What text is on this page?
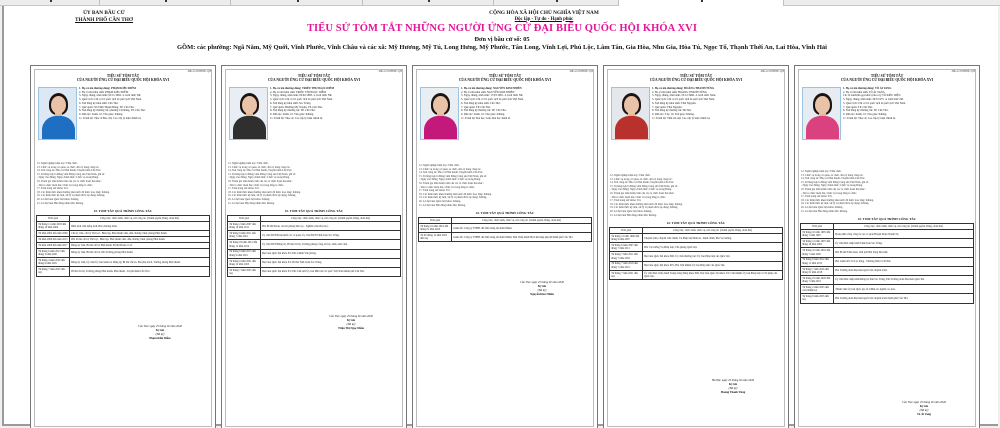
ỦY BAN BẦU CỬ
THÀNH PHỐ CẦN THƠ
CỘNG HÒA XÃ HỘI CHỦ NGHĨA VIỆT NAM
Độc lập - Tự do - Hạnh phúc
TIỂU SỬ TÓM TẮT NHỮNG NGƯỜI ỨNG CỬ ĐẠI BIỂU QUỐC HỘI KHÓA XVI
Đơn vị bầu cử số: 05
GỒM: các phường: Ngã Năm, Mỹ Quới, Vĩnh Phước, Vĩnh Châu và các xã: Mỹ Hương, Mỹ Tú, Long Hưng, Mỹ Phước, Tân Long, Vĩnh Lợi, Phú Lộc, Lâm Tân, Gia Hòa, Nhu Gia, Hòa Tú, Ngọc Tố, Thạnh Thới An, Lai Hòa, Vĩnh Hải
Mẫu số 03/HĐBC-QH
TIỂU SỬ TÓM TẮT
CỦA NGƯỜI ỨNG CỬ ĐẠI BIỂU QUỐC HỘI KHÓA XVI
1. Họ và tên thường dùng: PHẠM KIỀU DIỄM
2. Họ và tên khai sinh: PHẠM KIỀU DIỄM
3. Ngày, tháng, năm sinh: 02/11/1982. 4. Giới tính: Nữ.
5. Quốc tịch: Chỉ có 01 quốc tịch là quốc tịch Việt Nam
6. Nơi đăng ký khai sinh: Cần Thơ.
7. Quê quán: Xã Vĩnh Thuận Đông, TP. Cần Thơ.
8. Nơi đăng ký thường trú: phường Cái Răng, TP. Cần Thơ.
9. Dân tộc: Kinh. 10. Tôn giáo: Không.
11. Trình độ: Thạc sĩ Báo chí; Cao cấp lý luận chính trị.
12. Nghề nghiệp hiện nay: Viên chức.
13. Chức vụ trong cơ quan, tổ chức, đơn vị đang công tác.
14. Nơi công tác: Báo và Phát thanh, Truyền hình Cần Thơ.
15. Trường hợp là Đảng viên Đảng Cộng sản Việt Nam, ghi rõ:
- Ngày vào Đảng; Ngày chính thức; Chức vụ trong Đảng.
16. Tham gia làm thành viên của các tổ chức đoàn thể khác:
- Tên tổ chức đoàn thể; Chức vụ trong từng tổ chức.
17. Tình trạng sức khỏe: Tốt.
18. Các hình thức khen thưởng nhà nước đã được trao tặng: Không.
19. Các hình thức kỷ luật, xử lý vi phạm đã bị áp dụng: Không.
20. Là đại biểu Quốc hội khóa: Không.
21. Là đại biểu Hội đồng nhân dân: Không.
22. TÓM TẮT QUÁ TRÌNH CÔNG TÁC
Thời gian	Công việc, chức danh, chức vụ, nơi công tác (Chính quyền, Đảng, đoàn thể)
Từ tháng 11 năm 2003 đến tháng 10 năm 2004	Biên dịch viên tiếng Anh, Ban chương trình.
Từ năm 2004 đến năm 2009	Chi ủy viên, chi bộ Thời sự - Biên tập, Phát thanh viên, dẫn chương trình, phòng Phát thanh.
Từ năm 2009 đến năm 2015	Phó bí thư chi bộ Thời sự - Biên tập, Phát thanh viên, dẫn chương trình, phòng Phát thanh.
Từ năm 2009 đến năm 2017	Đảng ủy viên, Bí thư chi bộ Phát thanh, Bí thư Đoàn cơ sở.
Từ tháng 6 năm 2013 đến tháng 3 năm 2020	Đảng ủy viên, Bí thư chi bộ, Phó Trưởng phòng Phát thanh.
Từ tháng 4 năm 2020 đến tháng 6 năm 2025	Đảng ủy viên, Ủy viên Ủy ban kiểm tra Đảng ủy, Bí thư chi bộ, Phó phụ trách, Trưởng phòng Phát thanh.
Từ tháng 7 năm 2025 đến nay	Bí thư chi bộ, Trưởng phòng Phát thanh, Phát thanh - Truyền hình Cần Thơ.
Cần Thơ, ngày 25 tháng 02 năm 2026
Ký tên
(Đã ký)
Phạm Kiều Diễm
Mẫu số 03/HĐBC-QH
TIỂU SỬ TÓM TẮT
CỦA NGƯỜI ỨNG CỬ ĐẠI BIỂU QUỐC HỘI KHÓA XVI
1. Họ và tên thường dùng: TRIỆU THỊ NGỌC DIỄM
2. Họ và tên khai sinh: TRIỆU THỊ NGỌC DIỄM
3. Ngày, tháng, năm sinh: 02/02/1983. 4. Giới tính: Nữ.
5. Quốc tịch: Chỉ có 01 quốc tịch là quốc tịch Việt Nam
6. Nơi đăng ký khai sinh: Sóc Trăng.
7. Quê quán: Phường Mỹ Xuyên, TP. Cần Thơ.
8. Nơi đăng ký thường trú: TP. Cần Thơ.
9. Dân tộc: Kinh. 10. Tôn giáo: Không.
11. Trình độ: Thạc sĩ; Cao cấp lý luận chính trị.
12. Nghề nghiệp hiện nay: Viên chức.
13. Chức vụ trong cơ quan, tổ chức, đơn vị đang công tác.
14. Nơi công tác: Báo và Phát thanh, Truyền hình Cần Thơ.
15. Trường hợp là Đảng viên Đảng Cộng sản Việt Nam, ghi rõ:
- Ngày vào Đảng; Ngày chính thức; Chức vụ trong Đảng.
16. Tham gia làm thành viên của các tổ chức đoàn thể khác:
- Tên tổ chức đoàn thể; Chức vụ trong từng tổ chức.
17. Tình trạng sức khỏe: Tốt.
18. Các hình thức khen thưởng nhà nước đã được trao tặng: Không.
19. Các hình thức kỷ luật, xử lý vi phạm đã bị áp dụng: Không.
20. Là đại biểu Quốc hội khóa: Không.
21. Là đại biểu Hội đồng nhân dân: Không.
22. TÓM TẮT QUÁ TRÌNH CÔNG TÁC
Thời gian	Công việc, chức danh, chức vụ, nơi công tác (Chính quyền, Đảng, đoàn thể)
Từ tháng 2 năm 2007 đến tháng 10 năm 2011	Phó Bí thư Đoàn, cán bộ phòng Đào tạo - Nghiên cứu khoa học.
Từ tháng 9 năm 2011 đến tháng 7 năm 2012	Ủy viên BCH Đoàn khối các cơ quan, Ủy viên BCH Tỉnh đoàn Sóc Trăng.
Từ tháng 03 năm 2012 đến tháng 12 năm 2014	Ủy viên BCH Đảng bộ, Bí thư chi bộ, Trưởng phòng Công tác học sinh, sinh viên.
Từ tháng 6 năm 2015 đến tháng 9 năm 2021	Đại biểu Quốc hội khóa XV, Phó Chánh Văn phòng.
Từ tháng 9 năm 2021 đến tháng 12 năm 2025	Đại biểu Quốc hội khóa XV, Bí thư Tỉnh đoàn Sóc Trăng.
Từ tháng 7 năm 2025 đến nay	Đại biểu Quốc hội khóa XV, Phó Chủ tịch Ủy ban Mặt trận Tổ quốc Việt Nam thành phố Cần Thơ.
Cần Thơ, ngày 25 tháng 02 năm 2026
Ký tên
(Đã ký)
Triệu Thị Ngọc Diễm
Mẫu số 03/HĐBC-QH
TIỂU SỬ TÓM TẮT
CỦA NGƯỜI ỨNG CỬ ĐẠI BIỂU QUỐC HỘI KHÓA XVI
1. Họ và tên thường dùng: NGUYỄN KIM NHIÊN
2. Họ và tên khai sinh: NGUYỄN KIM NHIÊN
3. Ngày, tháng, năm sinh: 17/03/1981. 4. Giới tính: Nữ.
5. Quốc tịch: Chỉ có 01 quốc tịch là quốc tịch Việt Nam
6. Nơi đăng ký khai sinh: Cần Thơ.
7. Quê quán: TP. Cần Thơ.
8. Nơi đăng ký thường trú: TP. Cần Thơ.
9. Dân tộc: Kinh. 10. Tôn giáo: Không.
11. Trình độ: Đại học Luật, Đại học Kinh tế.
12. Nghề nghiệp hiện nay: Viên chức.
13. Chức vụ trong cơ quan, tổ chức, đơn vị đang công tác.
14. Nơi công tác: Báo và Phát thanh, Truyền hình Cần Thơ.
15. Trường hợp là Đảng viên Đảng Cộng sản Việt Nam, ghi rõ:
- Ngày vào Đảng; Ngày chính thức; Chức vụ trong Đảng.
16. Tham gia làm thành viên của các tổ chức đoàn thể khác:
- Tên tổ chức đoàn thể; Chức vụ trong từng tổ chức.
17. Tình trạng sức khỏe: Tốt.
18. Các hình thức khen thưởng nhà nước đã được trao tặng: Không.
19. Các hình thức kỷ luật, xử lý vi phạm đã bị áp dụng: Không.
20. Là đại biểu Quốc hội khóa: Không.
21. Là đại biểu Hội đồng nhân dân: Không.
22. TÓM TẮT QUÁ TRÌNH CÔNG TÁC
Thời gian	Công việc, chức danh, chức vụ, nơi công tác (Chính quyền, Đảng, đoàn thể)
Từ tháng 01 năm 2019 đến tháng 01 năm 2025	Giám đốc Công ty TNHH chế biến nông sản Kim Nhiên.
Từ 02 tháng 12 năm 2025 đến nay	Giám đốc Công ty TNHH chế biến nông sản Kim Nhiên; Ban Chấp hành Hội Liên hiệp phụ nữ thành phố Cần Thơ.
Cần Thơ, ngày 25 tháng 02 năm 2026
Ký tên
(Đã ký)
Nguyễn Kim Nhiên
Mẫu số 03/HĐBC-QH
TIỂU SỬ TÓM TẮT
CỦA NGƯỜI ỨNG CỬ ĐẠI BIỂU QUỐC HỘI KHÓA XVI
1. Họ và tên thường dùng: HOÀNG THANH TÙNG
2. Họ và tên khai sinh: HOÀNG THANH TÙNG
3. Ngày, tháng, năm sinh: 25/12/1966. 4. Giới tính: Nam.
5. Quốc tịch: Chỉ có 01 quốc tịch là quốc tịch Việt Nam
6. Nơi đăng ký khai sinh: Thái Nguyên.
7. Quê quán: Thái Nguyên.
8. Nơi đăng ký thường trú: Hà Nội.
9. Dân tộc: Tày. 10. Tôn giáo: Không.
11. Trình độ: Tiến sĩ Luật; Cao cấp lý luận chính trị.
12. Nghề nghiệp hiện nay: Viên chức.
13. Chức vụ trong cơ quan, tổ chức, đơn vị đang công tác.
14. Nơi công tác: Báo và Phát thanh, Truyền hình Cần Thơ.
15. Trường hợp là Đảng viên Đảng Cộng sản Việt Nam, ghi rõ:
- Ngày vào Đảng; Ngày chính thức; Chức vụ trong Đảng.
16. Tham gia làm thành viên của các tổ chức đoàn thể khác:
- Tên tổ chức đoàn thể; Chức vụ trong từng tổ chức.
17. Tình trạng sức khỏe: Tốt.
18. Các hình thức khen thưởng nhà nước đã được trao tặng: Không.
19. Các hình thức kỷ luật, xử lý vi phạm đã bị áp dụng: Không.
20. Là đại biểu Quốc hội khóa: Không.
21. Là đại biểu Hội đồng nhân dân: Không.
22. TÓM TẮT QUÁ TRÌNH CÔNG TÁC
Thời gian	Công việc, chức danh, chức vụ, nơi công tác (Chính quyền, Đảng, đoàn thể)
Từ tháng 12 năm 1990 đến tháng 9 năm 2007	Chuyên viên, chuyên viên chính, Vụ Pháp luật hình sự - hành chính, Phó Vụ trưởng.
Từ tháng 9 năm 2007 đến tháng 7 năm 2011	Phó Vụ trưởng Vụ Pháp luật, Văn phòng Quốc hội.
Từ tháng 7 năm 2011 đến tháng 7 năm 2016	Đại biểu Quốc hội khóa XIII, Ủy viên thường trực Ủy ban Pháp luật của Quốc hội.
Từ tháng 7 năm 2016 đến tháng 7 năm 2021	Đại biểu Quốc hội khóa XIV, Phó Chủ nhiệm Ủy ban Pháp luật của Quốc hội.
Từ tháng 7 năm 2021 đến nay	Ủy viên Ban Chấp hành Trung ương Đảng khóa XIII, Đại biểu Quốc hội khóa XV, Chủ nhiệm Ủy ban Pháp luật và Tư pháp của Quốc hội.
Hà Nội, ngày 25 tháng 02 năm 2026
Ký tên
(Đã ký)
Hoàng Thanh Tùng
Mẫu số 03/HĐBC-QH
TIỂU SỬ TÓM TẮT
CỦA NGƯỜI ỨNG CỬ ĐẠI BIỂU QUỐC HỘI KHÓA XVI
1. Họ và tên thường dùng: TÔ ÁI VANG
2. Họ và tên khai sinh: TÔ ÁI VANG
Các bí danh/tên gọi khác (nếu có): TÔ KIỀU DIỆU
3. Ngày, tháng, năm sinh: 29/3/1975. 4. Giới tính: Nữ.
5. Quốc tịch: Chỉ có 01 quốc tịch là quốc tịch Việt Nam
7. Quê quán: TP. Cần Thơ.
8. Nơi đăng ký thường trú: TP. Cần Thơ.
9. Dân tộc: Kinh. 10. Tôn giáo: Không.
11. Trình độ: Thạc sĩ; Cao cấp lý luận chính trị.
12. Nghề nghiệp hiện nay: Viên chức.
13. Chức vụ trong cơ quan, tổ chức, đơn vị đang công tác.
14. Nơi công tác: Báo và Phát thanh, Truyền hình Cần Thơ.
15. Trường hợp là Đảng viên Đảng Cộng sản Việt Nam, ghi rõ:
- Ngày vào Đảng; Ngày chính thức; Chức vụ trong Đảng.
16. Tham gia làm thành viên của các tổ chức đoàn thể khác:
- Tên tổ chức đoàn thể; Chức vụ trong từng tổ chức.
17. Tình trạng sức khỏe: Tốt.
18. Các hình thức khen thưởng nhà nước đã được trao tặng: Không.
19. Các hình thức kỷ luật, xử lý vi phạm đã bị áp dụng: Không.
20. Là đại biểu Quốc hội khóa: Không.
21. Là đại biểu Hội đồng nhân dân: Không.
22. TÓM TẮT QUÁ TRÌNH CÔNG TÁC
Thời gian	Công việc, chức danh, chức vụ, nơi công tác (Chính quyền, Đảng, đoàn thể)
Từ tháng 10 năm 1995 đến tháng 7 năm 1997	Đoàn phân công công tác tại cơ quan Huyện Đoàn Thạnh Trị.
Từ tháng 12 năm 1997 đến tháng 10 năm 2002	Ủy viên Ban chấp hành Tỉnh đoàn Sóc Trăng.
Từ tháng 10 năm 2002 đến tháng 7 năm 2005	Phó Bí thư Tỉnh đoàn, Chủ tịch Hội đồng Đội tỉnh.
Từ tháng 8 năm 2012 đến tháng 11 năm 2015	Phó Giám đốc Sở Lao động - Thương binh và Xã hội.
Từ tháng 7 năm 2016 đến tháng 01 năm 2018	Phó Trưởng đoàn Đại biểu Quốc hội chuyên trách.
Từ tháng 10 năm 2020 đến tháng 7 năm 2021	Ủy viên Ban chấp hành Đảng bộ tỉnh Sóc Trăng, Phó Trưởng đoàn Đại biểu Quốc hội.
Từ tháng 2 năm 2025 đến cuối nhiệm kỳ	Thành viên Ủy ban Quốc gia về Chăm sóc người cao tuổi.
Từ tháng 6 năm 2025 đến nay	Phó Trưởng đoàn Đại biểu Quốc hội chuyên trách thành phố Cần Thơ.
Cần Thơ, ngày 25 tháng 02 năm 2026
Ký tên
(Đã ký)
Tô Ái Vang
